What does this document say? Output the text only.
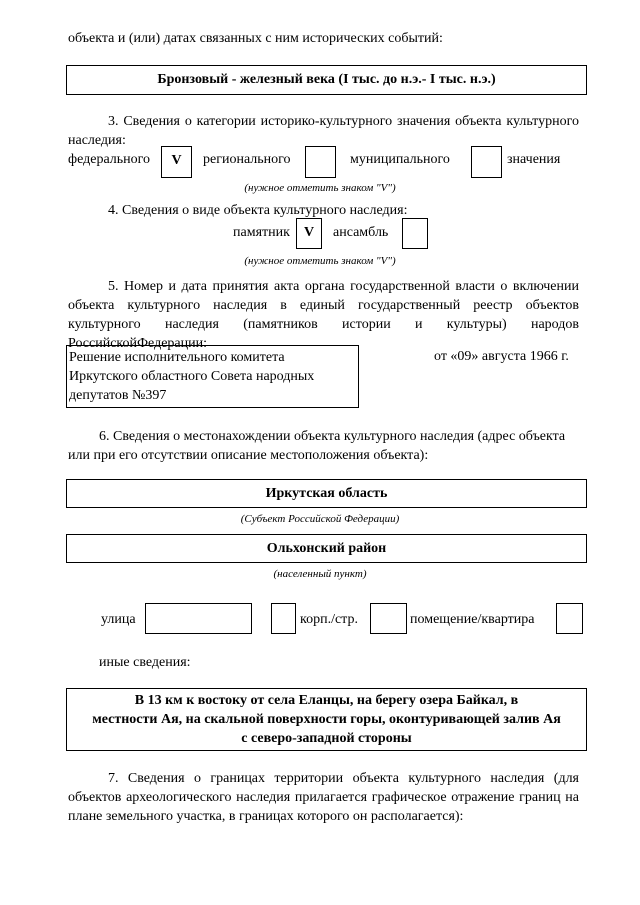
объекта и (или) датах связанных с ним исторических событий:
Бронзовый - железный века (I тыс. до н.э.- I тыс. н.э.)
3. Сведения о категории историко-культурного значения объекта культурного наследия:
федерального	V	регионального	муниципального	значения
(нужное отметить знаком "V")
4. Сведения о виде объекта культурного наследия:
памятник	V	ансамбль
(нужное отметить знаком "V")
5. Номер и дата принятия акта органа государственной власти о включении объекта культурного наследия в единый государственный реестр объектов культурного наследия (памятников истории и культуры) народов РоссийскойФедерации:
Решение исполнительного комитета
Иркутского областного Совета народных
депутатов №397
от «09» августа 1966 г.
6. Сведения о местонахождении объекта культурного наследия (адрес объекта или при его отсутствии описание местоположения объекта):
Иркутская область
(Субъект Российской Федерации)
Ольхонский район
(населенный пункт)
улица	корп./стр.	помещение/квартира
иные сведения:
В 13 км к востоку от села Еланцы, на берегу озера Байкал, в
местности Ая, на скальной поверхности горы, оконтуривающей залив Ая
с северо-западной стороны
7. Сведения о границах территории объекта культурного наследия (для объектов археологического наследия прилагается графическое отражение границ на плане земельного участка, в границах которого он располагается):
